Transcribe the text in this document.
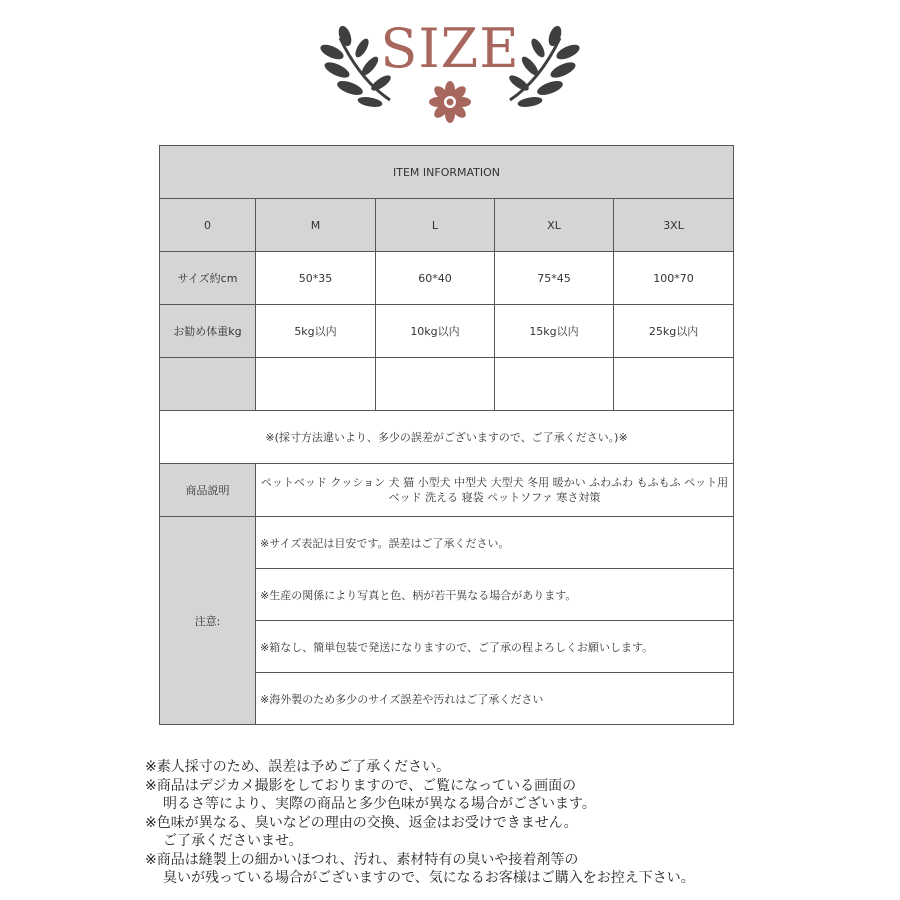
SIZE
ITEM INFORMATION				
0	M	L	XL	3XL
サイズ約cm	50*35	60*40	75*45	100*70
お勧め体重kg	5kg以内	10kg以内	15kg以内	25kg以内

※(採寸方法違いより、多少の誤差がございますので、ご了承ください。)※				
商品説明	ペットベッド クッション 犬 猫 小型犬 中型犬 大型犬 冬用 暖かい ふわふわ もふもふ ペット用ベッド 洗える 寝袋 ペットソファ 寒さ対策			
注意:	※サイズ表記は目安です。誤差はご了承ください。			
	※生産の関係により写真と色、柄が若干異なる場合があります。			
	※箱なし、簡単包装で発送になりますので、ご了承の程よろしくお願いします。			
	※海外製のため多少のサイズ誤差や汚れはご了承ください			
※素人採寸のため、誤差は予めご了承ください。
※商品はデジカメ撮影をしておりますので、ご覧になっている画面の
明るさ等により、実際の商品と多少色味が異なる場合がございます。
※色味が異なる、臭いなどの理由の交換、返金はお受けできません。
ご了承くださいませ。
※商品は縫製上の細かいほつれ、汚れ、素材特有の臭いや接着剤等の
臭いが残っている場合がございますので、気になるお客様はご購入をお控え下さい。
